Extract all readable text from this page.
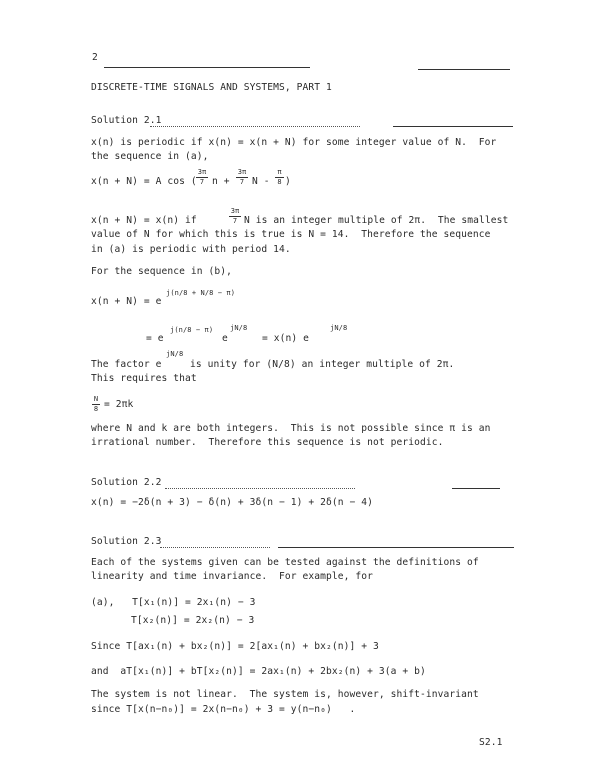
2
DISCRETE-TIME SIGNALS AND SYSTEMS, PART 1
Solution 2.1
x(n) is periodic if x(n) = x(n + N) for some integer value of N.  For
the sequence in (a),
x(n + N) = A cos (
3π
7 n +
3π
7 N -
π
8 )
x(n + N) = x(n) if
3π
7 N is an integer multiple of 2π.  The smallest
value of N for which this is true is N = 14.  Therefore the sequence
in (a) is periodic with period 14.
For the sequence in (b),
x(n + N) = e
j(n/8 + N/8 − π)
= e
j(n/8 − π)
e
jN/8
= x(n) e
jN/8
The factor e
jN/8
is unity for (N/8) an integer multiple of 2π.
This requires that
N
8 = 2πk
where N and k are both integers.  This is not possible since π is an
irrational number.  Therefore this sequence is not periodic.
Solution 2.2
x(n) = −2δ(n + 3) − δ(n) + 3δ(n − 1) + 2δ(n − 4)
Solution 2.3
Each of the systems given can be tested against the definitions of
linearity and time invariance.  For example, for
(a),   T[x₁(n)] = 2x₁(n) − 3
T[x₂(n)] = 2x₂(n) − 3
Since T[ax₁(n) + bx₂(n)] = 2[ax₁(n) + bx₂(n)] + 3
and  aT[x₁(n)] + bT[x₂(n)] = 2ax₁(n) + 2bx₂(n) + 3(a + b)
The system is not linear.  The system is, however, shift-invariant
since T[x(n−n₀)] = 2x(n−n₀) + 3 = y(n−n₀)   .
S2.1
